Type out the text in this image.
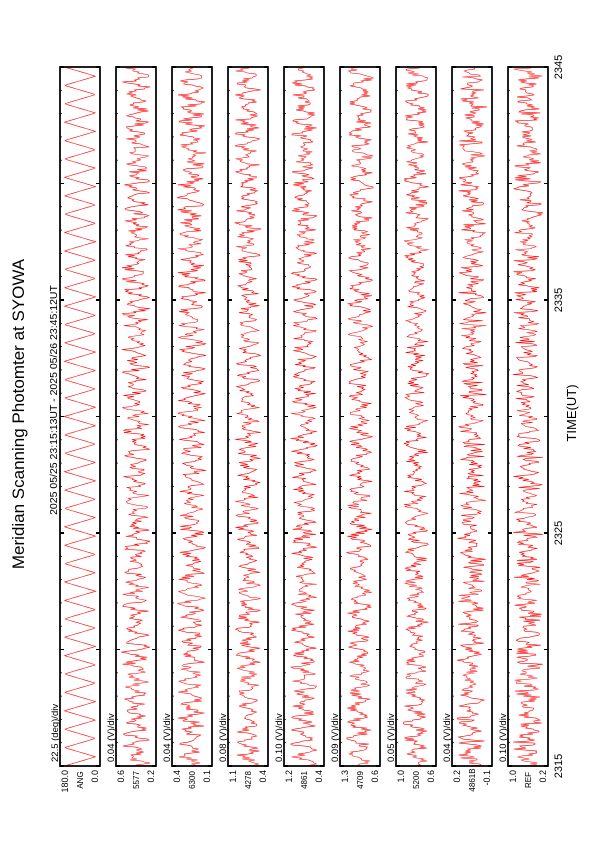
Meridian Scanning Photomter at SYOWA 2025 05/25 23:15:13UT - 2025 05/26 23:45:12UT	TIME(UT)
22.5 (deg)/div
ANG 0.0
180.0
0.04 (V)/div
5577 0.2
0.6
0.04 (V)/div
6300 0.1
0.4
0.08 (V)/div
4278 0.4
1.1
0.10 (V)/div
4861 0.4
1.2
0.09 (V)/div
4709 0.6
1.3
0.05 (V)/div
5200 0.6
1.0
0.04 (V)/div
4861B -0.1
0.2
0.10 (V)/div
REF 0.2
1.0	2315
2325
2335
2345
